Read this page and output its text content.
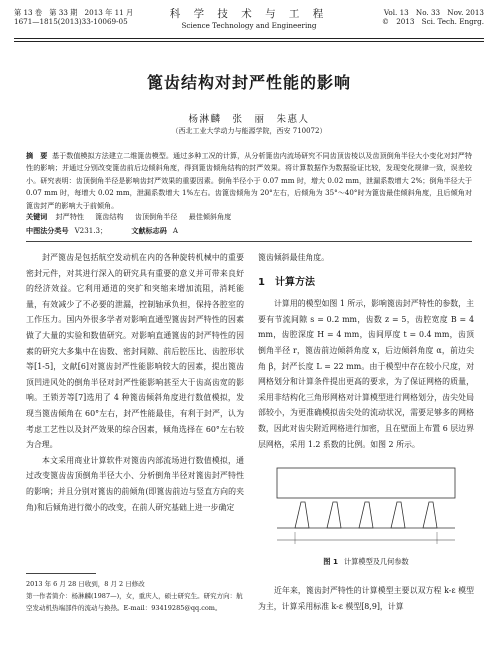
第 13 卷　第 33 期　2013 年 11 月
1671—1815(2013)33-10069-05
科 学 技 术 与 工 程
Science Technology and Engineering
Vol. 13　No. 33　Nov. 2013
©　2013　Sci. Tech. Engrg.
篦齿结构对封严性能的影响
杨淋麟　张　丽　朱惠人
（西北工业大学动力与能源学院，西安 710072）
摘　要 基于数值模拟方法建立二维篦齿模型。通过多种工况的计算，从分析篦齿内流场研究不同齿顶齿棱以及齿顶倒角半径大小变化对封严特性的影响；并通过分别改变篦齿前后边倾斜角度，得到篦齿倾角结构的封严效果。将计算数据作为数据验证比较，发现变化规律一致，误差较小。研究表明：齿顶倒角半径是影响齿封严效果的重要因素。倒角半径小于 0.07 mm 时，增大 0.02 mm，泄漏系数增大 2%；倒角半径大于 0.07 mm 时，每增大 0.02 mm，泄漏系数增大 1%左右。齿篦齿倾角为 20°左右，后倾角为 35°～40°时为篦齿最佳倾斜角度，且后倾角对篦齿封严的影响大于前倾角。
关键词 封严特性 篦齿结构 齿顶倒角半径 最佳倾斜角度
中图法分类号 V231.3；	文献标志码 A

封严篦齿是包括航空发动机在内的各种旋转机械中的重要密封元件，对其进行深入的研究具有重要的意义并可带来良好的经济效益。它利用通道的突扩和突缩来增加流阻，消耗能量，有效减少了不必要的泄漏，控制轴承负担，保持各腔室的工作压力。国内外很多学者对影响直通型篦齿封严特性的因素做了大量的实验和数值研究。对影响直通篦齿的封严特性的因素的研究大多集中在齿数、密封间隙、前后腔压比、齿腔形状等[1-5]，文献[6]对篦齿封严性能影响较大的因素，提出篦齿顶凹进风处的倒角半径对封严性能影响甚至大于齿高齿宽的影响。王锁芳等[7]选用了 4 种篦齿倾斜角度进行数值模拟，发现当篦齿倾角在 60°左右，封严性能最佳，有利于封严，认为考虑工艺性以及封严效果的综合因素，倾角选择在 60°左右较为合理。

本文采用商业计算软件对篦齿内部流场进行数值模拟，通过改变篦齿齿顶倒角半径大小、分析倒角半径对篦齿封严特性的影响；并且分别对篦齿的前倾角(即篦齿前边与竖直方向的夹角)和后倾角进行微小的改变，在前人研究基础上进一步确定

2013 年 6 月 28 日收到，8 月 2 日修改
第一作者简介：杨淋麟(1987—)，女，重庆人，硕士研究生。研究方向：航空发动机热端部件的流动与换热。E-mail：93419285@qq.com。

篦齿倾斜最佳角度。

1　计算方法

计算用的模型如图 1 所示，影响篦齿封严特性的参数，主要有节流间隙 s = 0.2 mm，齿数 z = 5，齿腔宽度 B = 4 mm，齿腔深度 H = 4 mm，齿间厚度 t = 0.4 mm，齿顶倒角半径 r，篦齿前边倾斜角度 x，后边倾斜角度 α，前边尖角 β，封严长度 L = 22 mm。由于模型中存在较小尺度，对网格划分和计算条件提出更高的要求，为了保证网格的质量，采用非结构化三角形网格对计算模型进行网格划分，齿尖处局部较小，为更准确模拟齿尖处的流动状况，需要足够多的网格数，因此对齿尖附近网格进行加密，且在壁面上布置 6 层边界层网格，采用 1.2 系数的比例。如图 2 所示。

图 1 计算模型及几何参数

近年来，篦齿封严特性的计算模型主要以双方程 k-ε 模型为主，计算采用标准 k-ε 模型[8,9]，计算
